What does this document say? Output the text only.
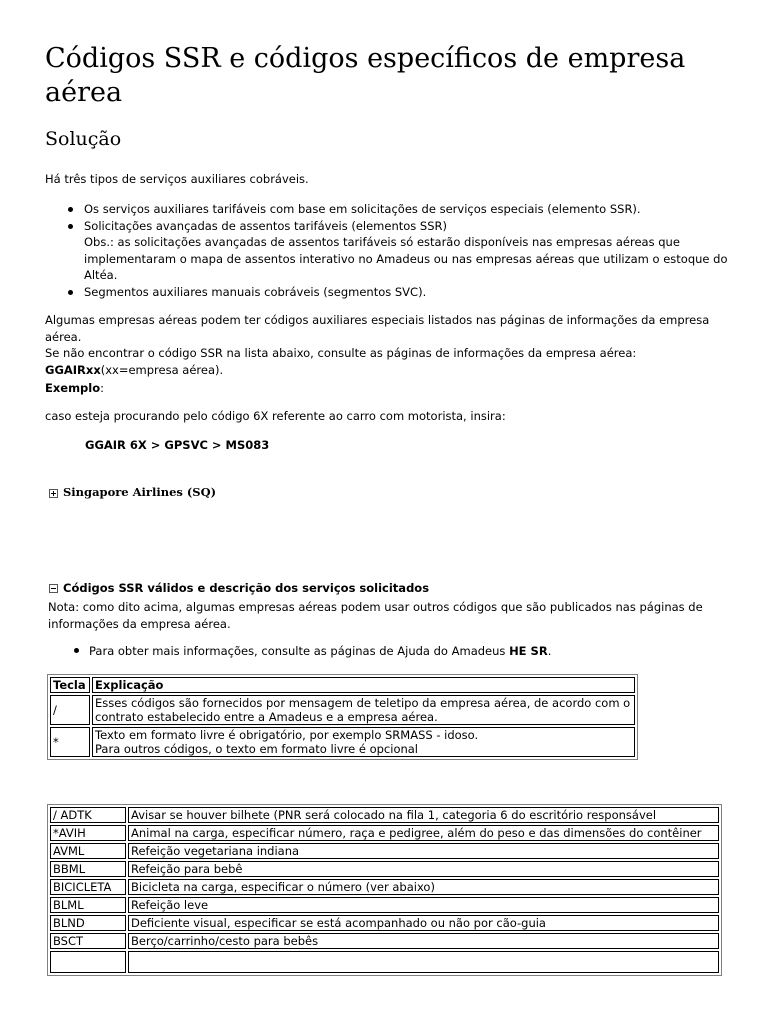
Códigos SSR e códigos específicos de empresa aérea
Solução
Há três tipos de serviços auxiliares cobráveis.
Os serviços auxiliares tarifáveis com base em solicitações de serviços especiais (elemento SSR).
Solicitações avançadas de assentos tarifáveis (elementos SSR)
Obs.: as solicitações avançadas de assentos tarifáveis só estarão disponíveis nas empresas aéreas que implementaram o mapa de assentos interativo no Amadeus ou nas empresas aéreas que utilizam o estoque do Altéa.
Segmentos auxiliares manuais cobráveis (segmentos SVC).
Algumas empresas aéreas podem ter códigos auxiliares especiais listados nas páginas de informações da empresa aérea.
Se não encontrar o código SSR na lista abaixo, consulte as páginas de informações da empresa aérea:
GGAIRxx(xx=empresa aérea).
Exemplo:
caso esteja procurando pelo código 6X referente ao carro com motorista, insira:
GGAIR 6X > GPSVC > MS083
Singapore Airlines (SQ)
Códigos SSR válidos e descrição dos serviços solicitados
Nota: como dito acima, algumas empresas aéreas podem usar outros códigos que são publicados nas páginas de informações da empresa aérea.
Para obter mais informações, consulte as páginas de Ajuda do Amadeus HE SR.
Tecla	Explicação
/	Esses códigos são fornecidos por mensagem de teletipo da empresa aérea, de acordo com o contrato estabelecido entre a Amadeus e a empresa aérea.
*	Texto em formato livre é obrigatório, por exemplo SRMASS - idoso.
Para outros códigos, o texto em formato livre é opcional
/ ADTK	Avisar se houver bilhete (PNR será colocado na fila 1, categoria 6 do escritório responsável
*AVIH	Animal na carga, especificar número, raça e pedigree, além do peso e das dimensões do contêiner
AVML	Refeição vegetariana indiana
BBML	Refeição para bebê
BICICLETA	Bicicleta na carga, especificar o número (ver abaixo)
BLML	Refeição leve
BLND	Deficiente visual, especificar se está acompanhado ou não por cão-guia
BSCT	Berço/carrinho/cesto para bebês
